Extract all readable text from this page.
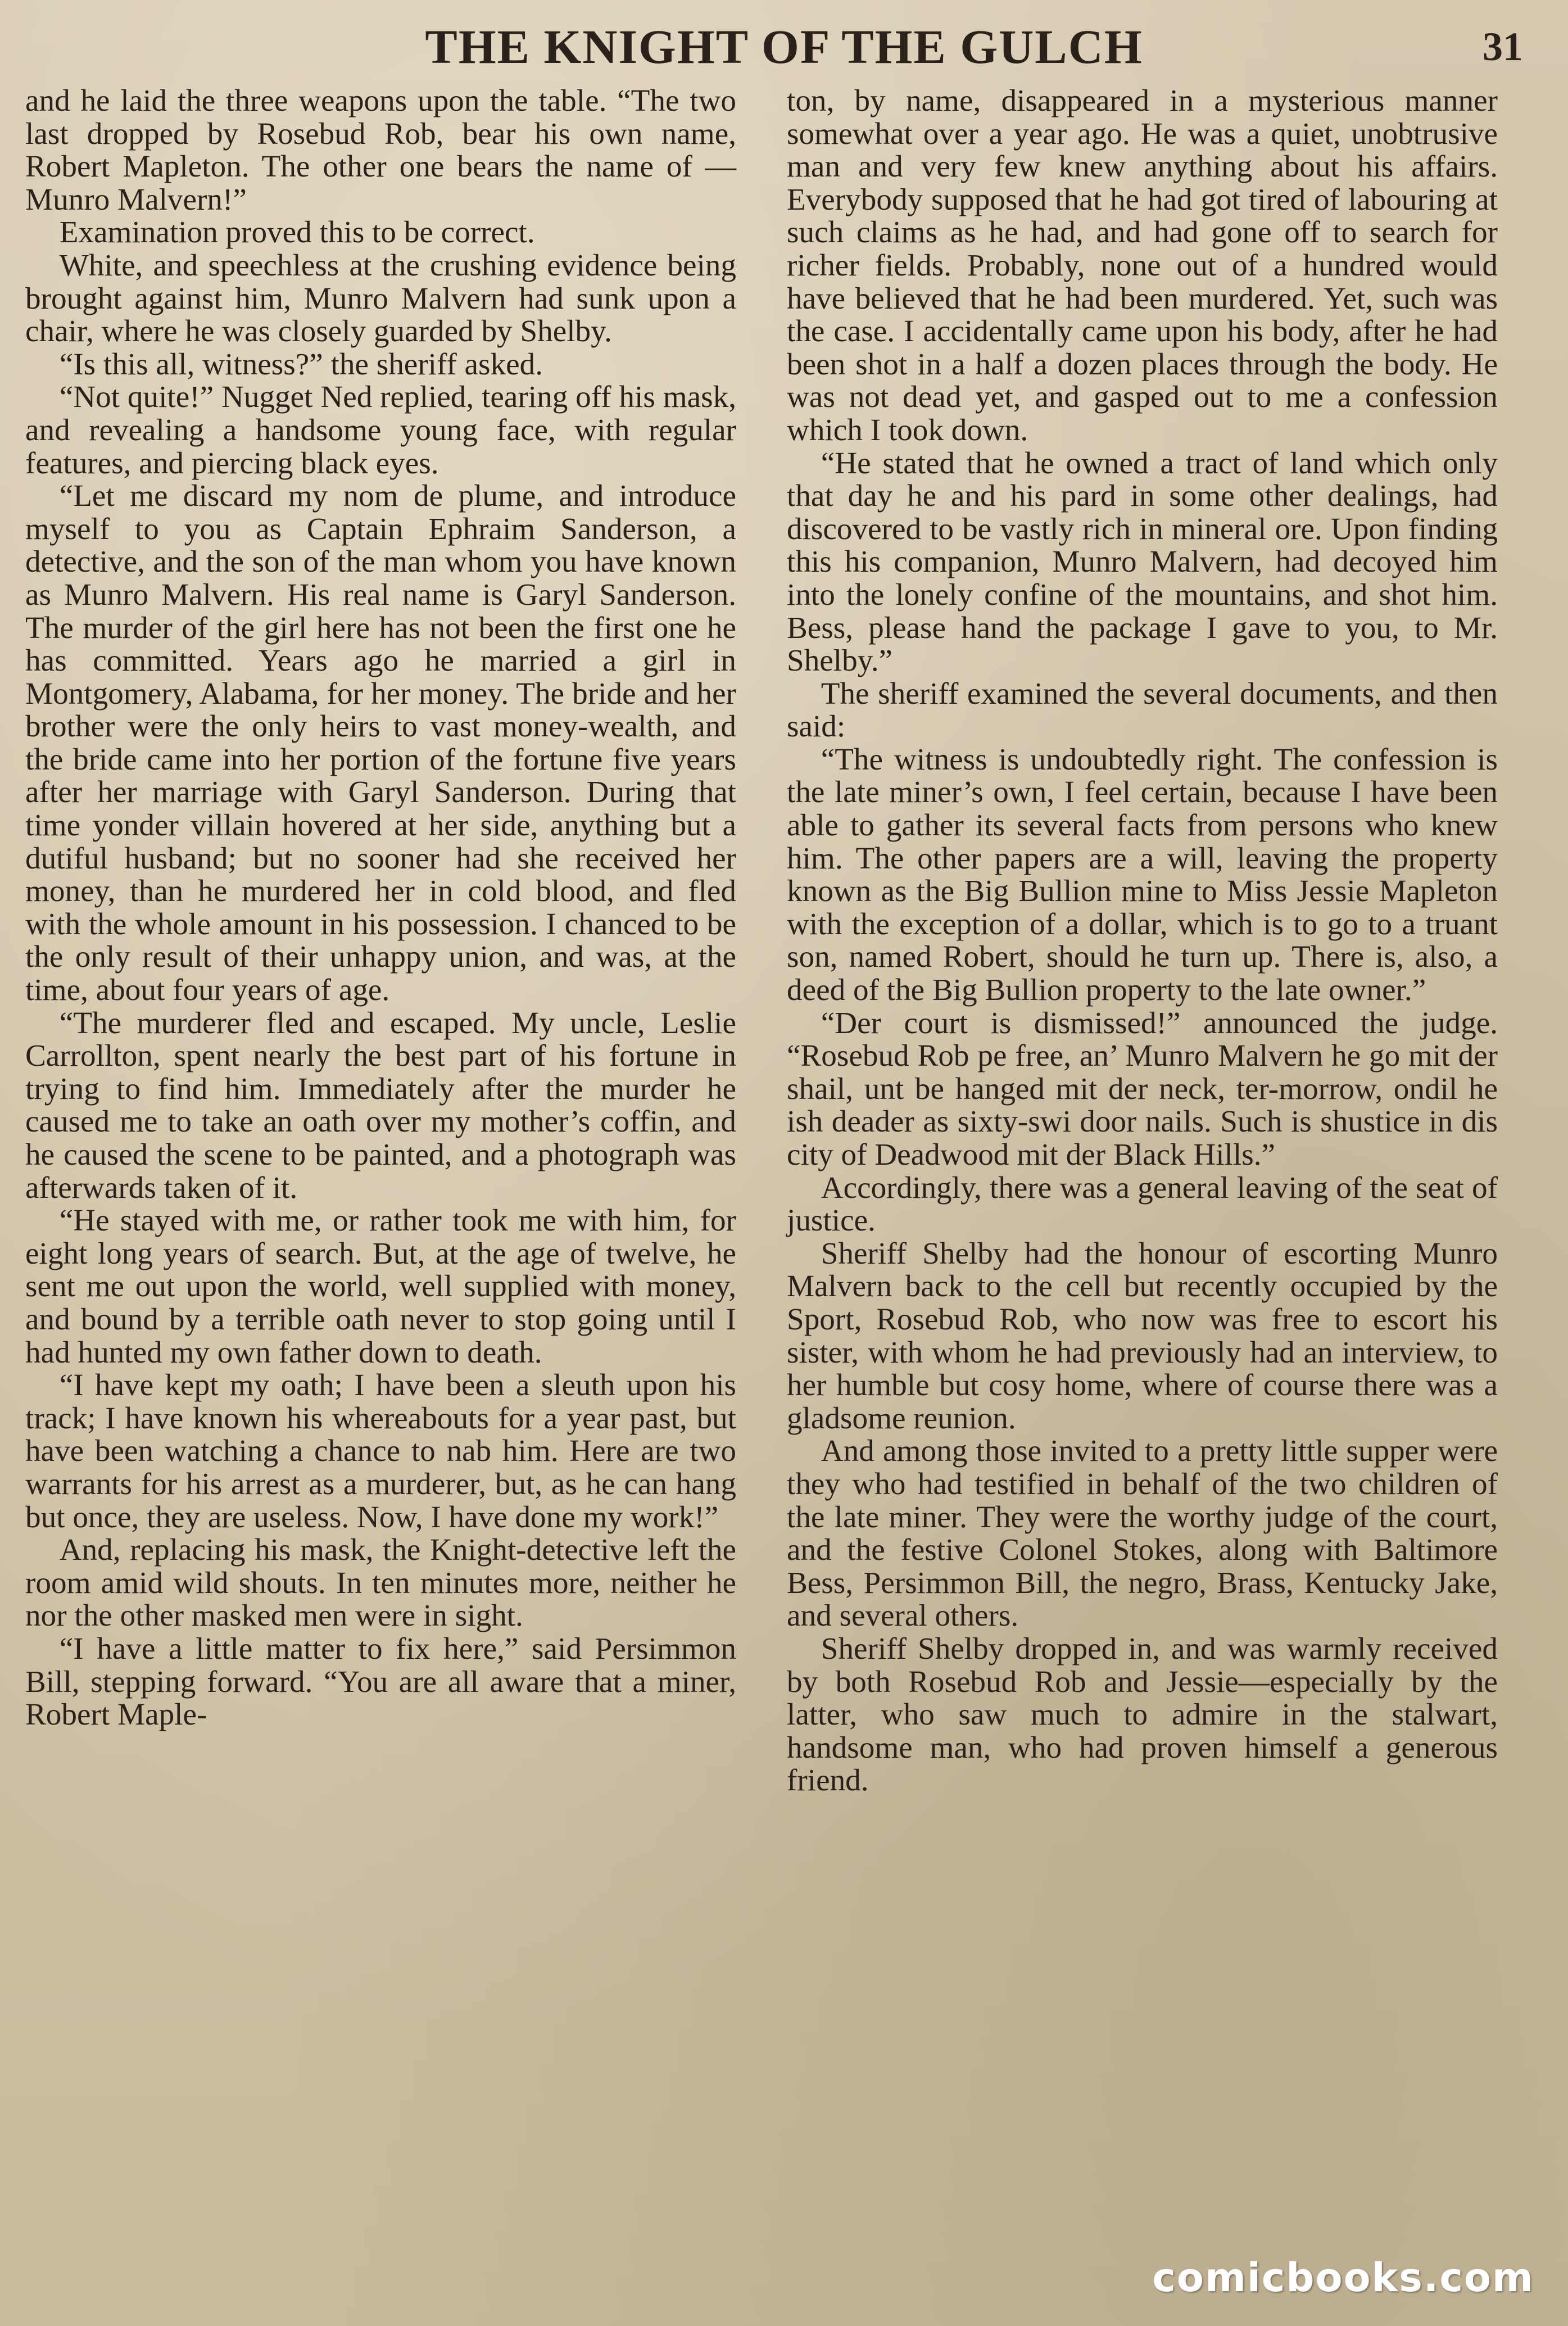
THE KNIGHT OF THE GULCH	31

and he laid the three weapons upon the table. “The two last dropped by Rosebud Rob, bear his own name, Robert Mapleton. The other one bears the name of —Munro Malvern!”

Examination proved this to be correct.

White, and speechless at the crushing evidence being brought against him, Munro Malvern had sunk upon a chair, where he was closely guarded by Shelby.

“Is this all, witness?” the sheriff asked.

“Not quite!” Nugget Ned replied, tearing off his mask, and revealing a handsome young face, with regular features, and piercing black eyes.

“Let me discard my nom de plume, and introduce myself to you as Captain Ephraim Sanderson, a detective, and the son of the man whom you have known as Munro Malvern. His real name is Garyl Sanderson. The murder of the girl here has not been the first one he has committed. Years ago he married a girl in Montgomery, Alabama, for her money. The bride and her brother were the only heirs to vast money-wealth, and the bride came into her portion of the fortune five years after her marriage with Garyl Sanderson. During that time yonder villain hovered at her side, anything but a dutiful husband; but no sooner had she received her money, than he murdered her in cold blood, and fled with the whole amount in his possession. I chanced to be the only result of their unhappy union, and was, at the time, about four years of age.

“The murderer fled and escaped. My uncle, Leslie Carrollton, spent nearly the best part of his fortune in trying to find him. Immediately after the murder he caused me to take an oath over my mother’s coffin, and he caused the scene to be painted, and a photograph was afterwards taken of it.

“He stayed with me, or rather took me with him, for eight long years of search. But, at the age of twelve, he sent me out upon the world, well supplied with money, and bound by a terrible oath never to stop going until I had hunted my own father down to death.

“I have kept my oath; I have been a sleuth upon his track; I have known his whereabouts for a year past, but have been watching a chance to nab him. Here are two warrants for his arrest as a murderer, but, as he can hang but once, they are useless. Now, I have done my work!”

And, replacing his mask, the Knight-detective left the room amid wild shouts. In ten minutes more, neither he nor the other masked men were in sight.

“I have a little matter to fix here,” said Persimmon Bill, stepping forward. “You are all aware that a miner, Robert Maple-

ton, by name, disappeared in a mysterious manner somewhat over a year ago. He was a quiet, unobtrusive man and very few knew anything about his affairs. Everybody supposed that he had got tired of labouring at such claims as he had, and had gone off to search for richer fields. Probably, none out of a hundred would have believed that he had been murdered. Yet, such was the case. I accidentally came upon his body, after he had been shot in a half a dozen places through the body. He was not dead yet, and gasped out to me a confession which I took down.

“He stated that he owned a tract of land which only that day he and his pard in some other dealings, had discovered to be vastly rich in mineral ore. Upon finding this his companion, Munro Malvern, had decoyed him into the lonely confine of the mountains, and shot him. Bess, please hand the package I gave to you, to Mr. Shelby.”

The sheriff examined the several documents, and then said:

“The witness is undoubtedly right. The confession is the late miner’s own, I feel certain, because I have been able to gather its several facts from persons who knew him. The other papers are a will, leaving the property known as the Big Bullion mine to Miss Jessie Mapleton with the exception of a dollar, which is to go to a truant son, named Robert, should he turn up. There is, also, a deed of the Big Bullion property to the late owner.”

“Der court is dismissed!” announced the judge. “Rosebud Rob pe free, an’ Munro Malvern he go mit der shail, unt be hanged mit der neck, ter-morrow, ondil he ish deader as sixty-swi door nails. Such is shustice in dis city of Deadwood mit der Black Hills.”

Accordingly, there was a general leaving of the seat of justice.

Sheriff Shelby had the honour of escorting Munro Malvern back to the cell but recently occupied by the Sport, Rosebud Rob, who now was free to escort his sister, with whom he had previously had an interview, to her humble but cosy home, where of course there was a gladsome reunion.

And among those invited to a pretty little supper were they who had testified in behalf of the two children of the late miner. They were the worthy judge of the court, and the festive Colonel Stokes, along with Baltimore Bess, Persimmon Bill, the negro, Brass, Kentucky Jake, and several others.

Sheriff Shelby dropped in, and was warmly received by both Rosebud Rob and Jessie—especially by the latter, who saw much to admire in the stalwart, handsome man, who had proven himself a generous friend.

comicbooks.com
